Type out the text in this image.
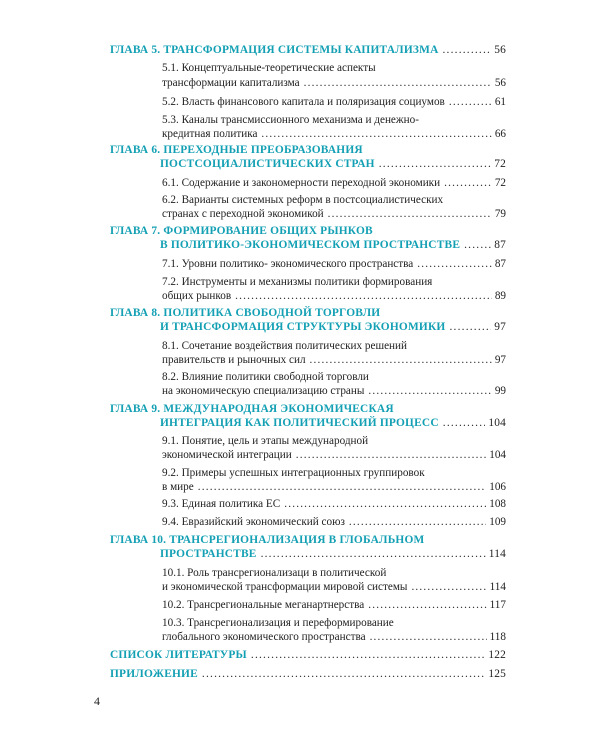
ГЛАВА 5. ТРАНСФОРМАЦИЯ СИСТЕМЫ КАПИТАЛИЗМА .....	56
5.1. Концептуальные-теоретические аспекты
трансформации капитализма .....	56
5.2. Власть финансового капитала и поляризация социумов .....	61
5.3. Каналы трансмиссионного механизма и денежно-
кредитная политика .....	66
ГЛАВА 6. ПЕРЕХОДНЫЕ ПРЕОБРАЗОВАНИЯ
ПОСТСОЦИАЛИСТИЧЕСКИХ СТРАН .....	72
6.1. Содержание и закономерности переходной экономики .....	72
6.2. Варианты системных реформ в постсоциалистических
странах с переходной экономикой .....	79
ГЛАВА 7. ФОРМИРОВАНИЕ ОБЩИХ РЫНКОВ
В ПОЛИТИКО-ЭКОНОМИЧЕСКОМ ПРОСТРАНСТВЕ .....	87
7.1. Уровни политико- экономического пространства .....	87
7.2. Инструменты и механизмы политики формирования
общих рынков .....	89
ГЛАВА 8. ПОЛИТИКА СВОБОДНОЙ ТОРГОВЛИ
И ТРАНСФОРМАЦИЯ СТРУКТУРЫ ЭКОНОМИКИ .....	97
8.1. Сочетание воздействия политических решений
правительств и рыночных сил .....	97
8.2. Влияние политики свободной торговли
на экономическую специализацию страны .....	99
ГЛАВА 9. МЕЖДУНАРОДНАЯ ЭКОНОМИЧЕСКАЯ
ИНТЕГРАЦИЯ КАК ПОЛИТИЧЕСКИЙ ПРОЦЕСС .....	104
9.1. Понятие, цель и этапы международной
экономической интеграции .....	104
9.2. Примеры успешных интеграционных группировок
в мире .....	106
9.3. Единая политика ЕС .....	108
9.4. Евразийский экономический союз .....	109
ГЛАВА 10. ТРАНСРЕГИОНАЛИЗАЦИЯ В ГЛОБАЛЬНОМ
ПРОСТРАНСТВЕ .....	114
10.1. Роль трансрегионализаци в политической
и экономической трансформации мировой системы .....	114
10.2. Трансрегиональные меганартнерства .....	117
10.3. Трансрегионализация и переформирование
глобального экономического пространства .....	118
СПИСОК ЛИТЕРАТУРЫ .....	122
ПРИЛОЖЕНИЕ .....	125
4
